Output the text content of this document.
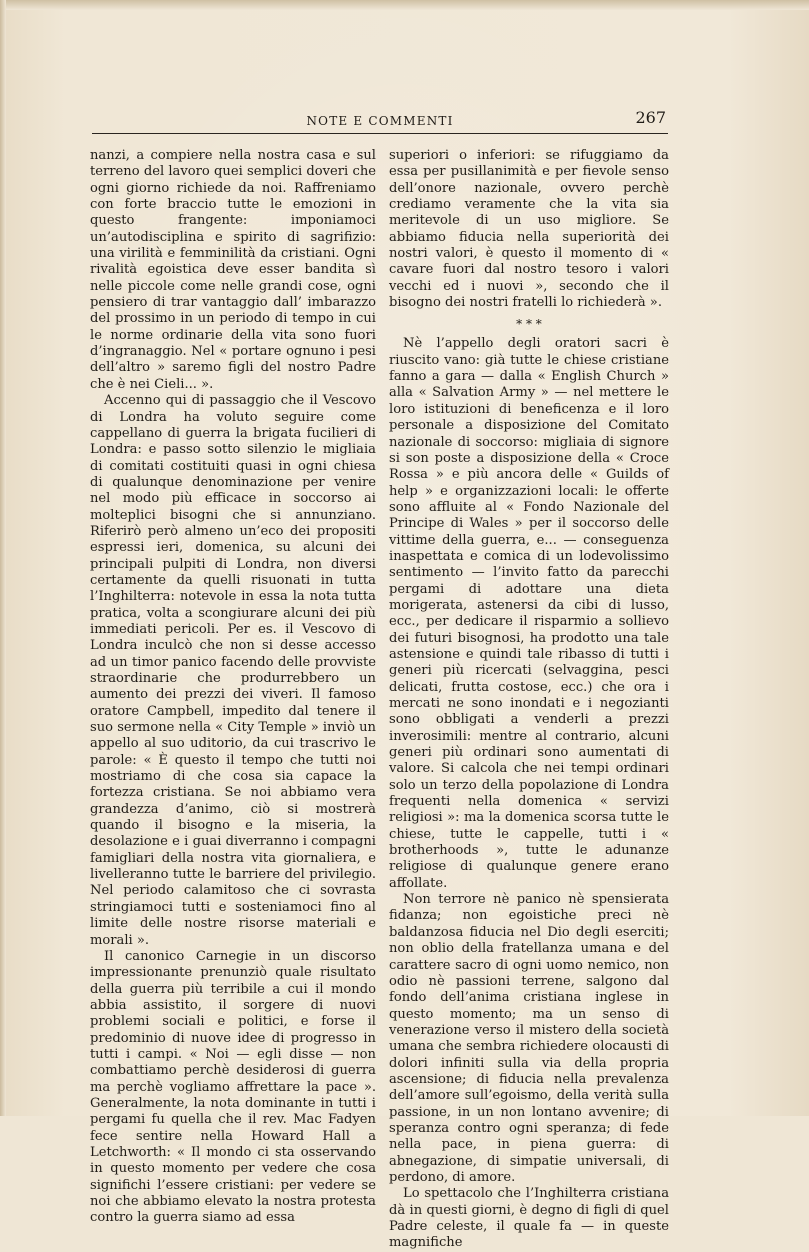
NOTE E COMMENTI	267

nanzi, a compiere nella nostra casa e sul terreno del lavoro quei semplici doveri che ogni giorno richiede da noi. Raffreniamo con forte braccio tutte le emozioni in questo frangente: imponiamoci un’autodisciplina e spirito di sagrifizio: una virilità e femminilità da cristiani. Ogni rivalità egoistica deve esser bandita sì nelle piccole come nelle grandi cose, ogni pensiero di trar vantaggio dall’ imbarazzo del prossimo in un periodo di tempo in cui le norme ordinarie della vita sono fuori d’ingranaggio. Nel « portare ognuno i pesi dell’altro » saremo figli del nostro Padre che è nei Cieli... ».

Accenno qui di passaggio che il Vescovo di Londra ha voluto seguire come cappellano di guerra la brigata fucilieri di Londra: e passo sotto silenzio le migliaia di comitati costituiti quasi in ogni chiesa di qualunque denominazione per venire nel modo più efficace in soccorso ai molteplici bisogni che si annunziano. Riferirò però almeno un’eco dei propositi espressi ieri, domenica, su alcuni dei principali pulpiti di Londra, non diversi certamente da quelli risuonati in tutta l’Inghilterra: notevole in essa la nota tutta pratica, volta a scongiurare alcuni dei più immediati pericoli. Per es. il Vescovo di Londra inculcò che non si desse accesso ad un timor panico facendo delle provviste straordinarie che produrrebbero un aumento dei prezzi dei viveri. Il famoso oratore Campbell, impedito dal tenere il suo sermone nella « City Temple » inviò un appello al suo uditorio, da cui trascrivo le parole: « È questo il tempo che tutti noi mostriamo di che cosa sia capace la fortezza cristiana. Se noi abbiamo vera grandezza d’animo, ciò si mostrerà quando il bisogno e la miseria, la desolazione e i guai diverranno i compagni famigliari della nostra vita giornaliera, e livelleranno tutte le barriere del privilegio. Nel periodo calamitoso che ci sovrasta stringiamoci tutti e sosteniamoci fino al limite delle nostre risorse materiali e morali ».

Il canonico Carnegie in un discorso impressionante prenunziò quale risultato della guerra più terribile a cui il mondo abbia assistito, il sorgere di nuovi problemi sociali e politici, e forse il predominio di nuove idee di progresso in tutti i campi. « Noi — egli disse — non combattiamo perchè desiderosi di guerra ma perchè vogliamo affrettare la pace ». Generalmente, la nota dominante in tutti i pergami fu quella che il rev. Mac Fadyen fece sentire nella Howard Hall a Letchworth: « Il mondo ci sta osservando in questo momento per vedere che cosa significhi l’essere cristiani: per vedere se noi che abbiamo elevato la nostra protesta contro la guerra siamo ad essa

superiori o inferiori: se rifuggiamo da essa per pusillanimità e per fievole senso dell’onore nazionale, ovvero perchè crediamo veramente che la vita sia meritevole di un uso migliore. Se abbiamo fiducia nella superiorità dei nostri valori, è questo il momento di « cavare fuori dal nostro tesoro i valori vecchi ed i nuovi », secondo che il bisogno dei nostri fratelli lo richiederà ».

* * *

Nè l’appello degli oratori sacri è riuscito vano: già tutte le chiese cristiane fanno a gara — dalla « English Church » alla « Salvation Army » — nel mettere le loro istituzioni di beneficenza e il loro personale a disposizione del Comitato nazionale di soccorso: migliaia di signore si son poste a disposizione della « Croce Rossa » e più ancora delle « Guilds of help » e organizzazioni locali: le offerte sono affluite al « Fondo Nazionale del Principe di Wales » per il soccorso delle vittime della guerra, e... — conseguenza inaspettata e comica di un lodevolissimo sentimento — l’invito fatto da parecchi pergami di adottare una dieta morigerata, astenersi da cibi di lusso, ecc., per dedicare il risparmio a sollievo dei futuri bisognosi, ha prodotto una tale astensione e quindi tale ribasso di tutti i generi più ricercati (selvaggina, pesci delicati, frutta costose, ecc.) che ora i mercati ne sono inondati e i negozianti sono obbligati a venderli a prezzi inverosimili: mentre al contrario, alcuni generi più ordinari sono aumentati di valore. Si calcola che nei tempi ordinari solo un terzo della popolazione di Londra frequenti nella domenica « servizi religiosi »: ma la domenica scorsa tutte le chiese, tutte le cappelle, tutti i « brotherhoods », tutte le adunanze religiose di qualunque genere erano affollate.

Non terrore nè panico nè spensierata fidanza; non egoistiche preci nè baldanzosa fiducia nel Dio degli eserciti; non oblio della fratellanza umana e del carattere sacro di ogni uomo nemico, non odio nè passioni terrene, salgono dal fondo dell’anima cristiana inglese in questo momento; ma un senso di venerazione verso il mistero della società umana che sembra richiedere olocausti di dolori infiniti sulla via della propria ascensione; di fiducia nella prevalenza dell’amore sull’egoismo, della verità sulla passione, in un non lontano avvenire; di speranza contro ogni speranza; di fede nella pace, in piena guerra: di abnegazione, di simpatie universali, di perdono, di amore.

Lo spettacolo che l’Inghilterra cristiana dà in questi giorni, è degno di figli di quel Padre celeste, il quale fa — in queste magnifiche
